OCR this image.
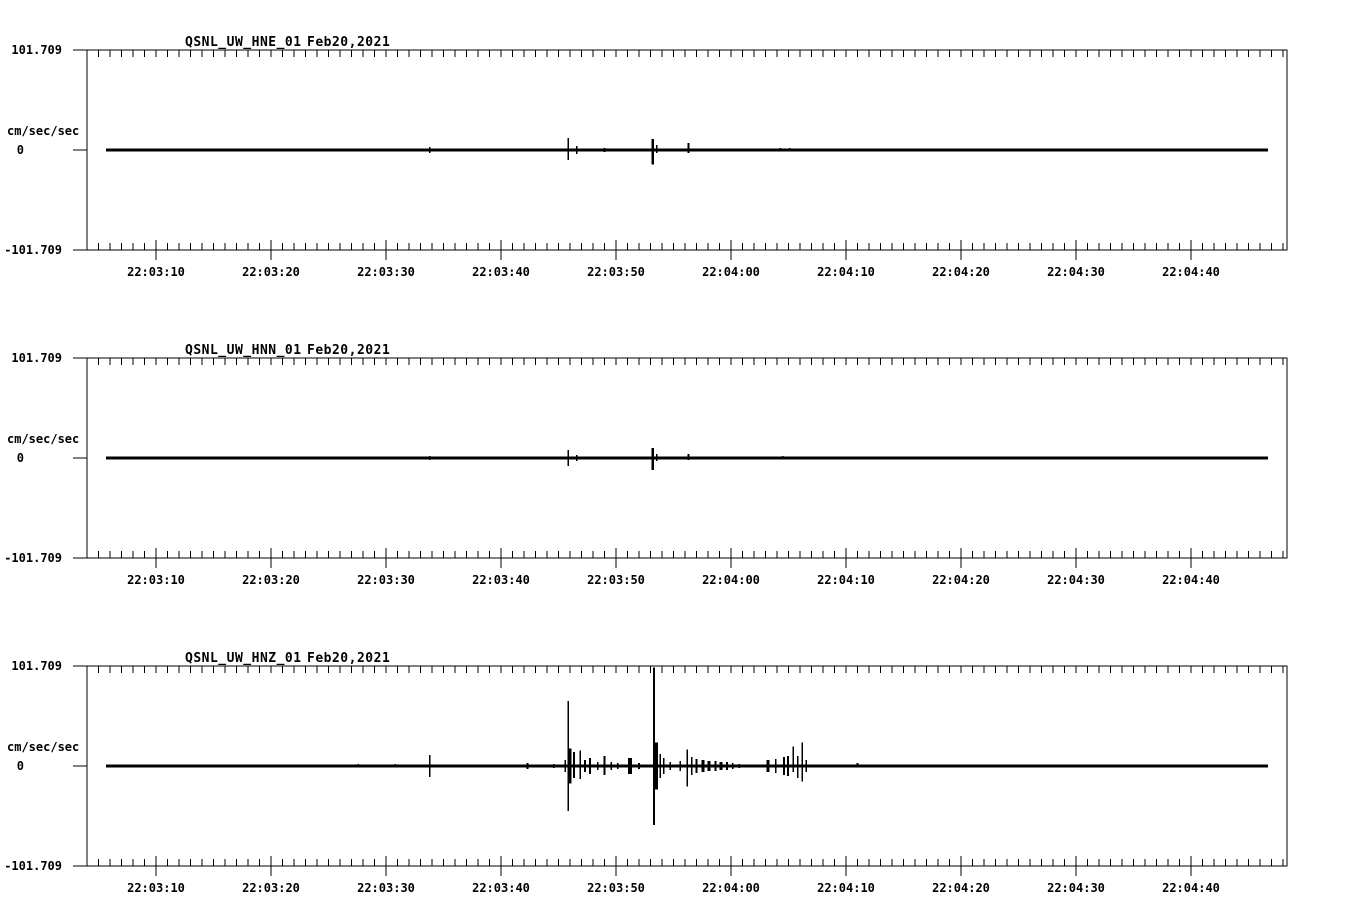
QSNL_UW_HNE_01 Feb20,2021
101.709
cm/sec/sec
0
-101.709
22:03:10	22:03:20	22:03:30	22:03:40	22:03:50	22:04:00	22:04:10	22:04:20	22:04:30	22:04:40
QSNL_UW_HNN_01 Feb20,2021
101.709
cm/sec/sec
0
-101.709
22:03:10	22:03:20	22:03:30	22:03:40	22:03:50	22:04:00	22:04:10	22:04:20	22:04:30	22:04:40
QSNL_UW_HNZ_01 Feb20,2021
101.709
cm/sec/sec
0
-101.709
22:03:10	22:03:20	22:03:30	22:03:40	22:03:50	22:04:00	22:04:10	22:04:20	22:04:30	22:04:40
